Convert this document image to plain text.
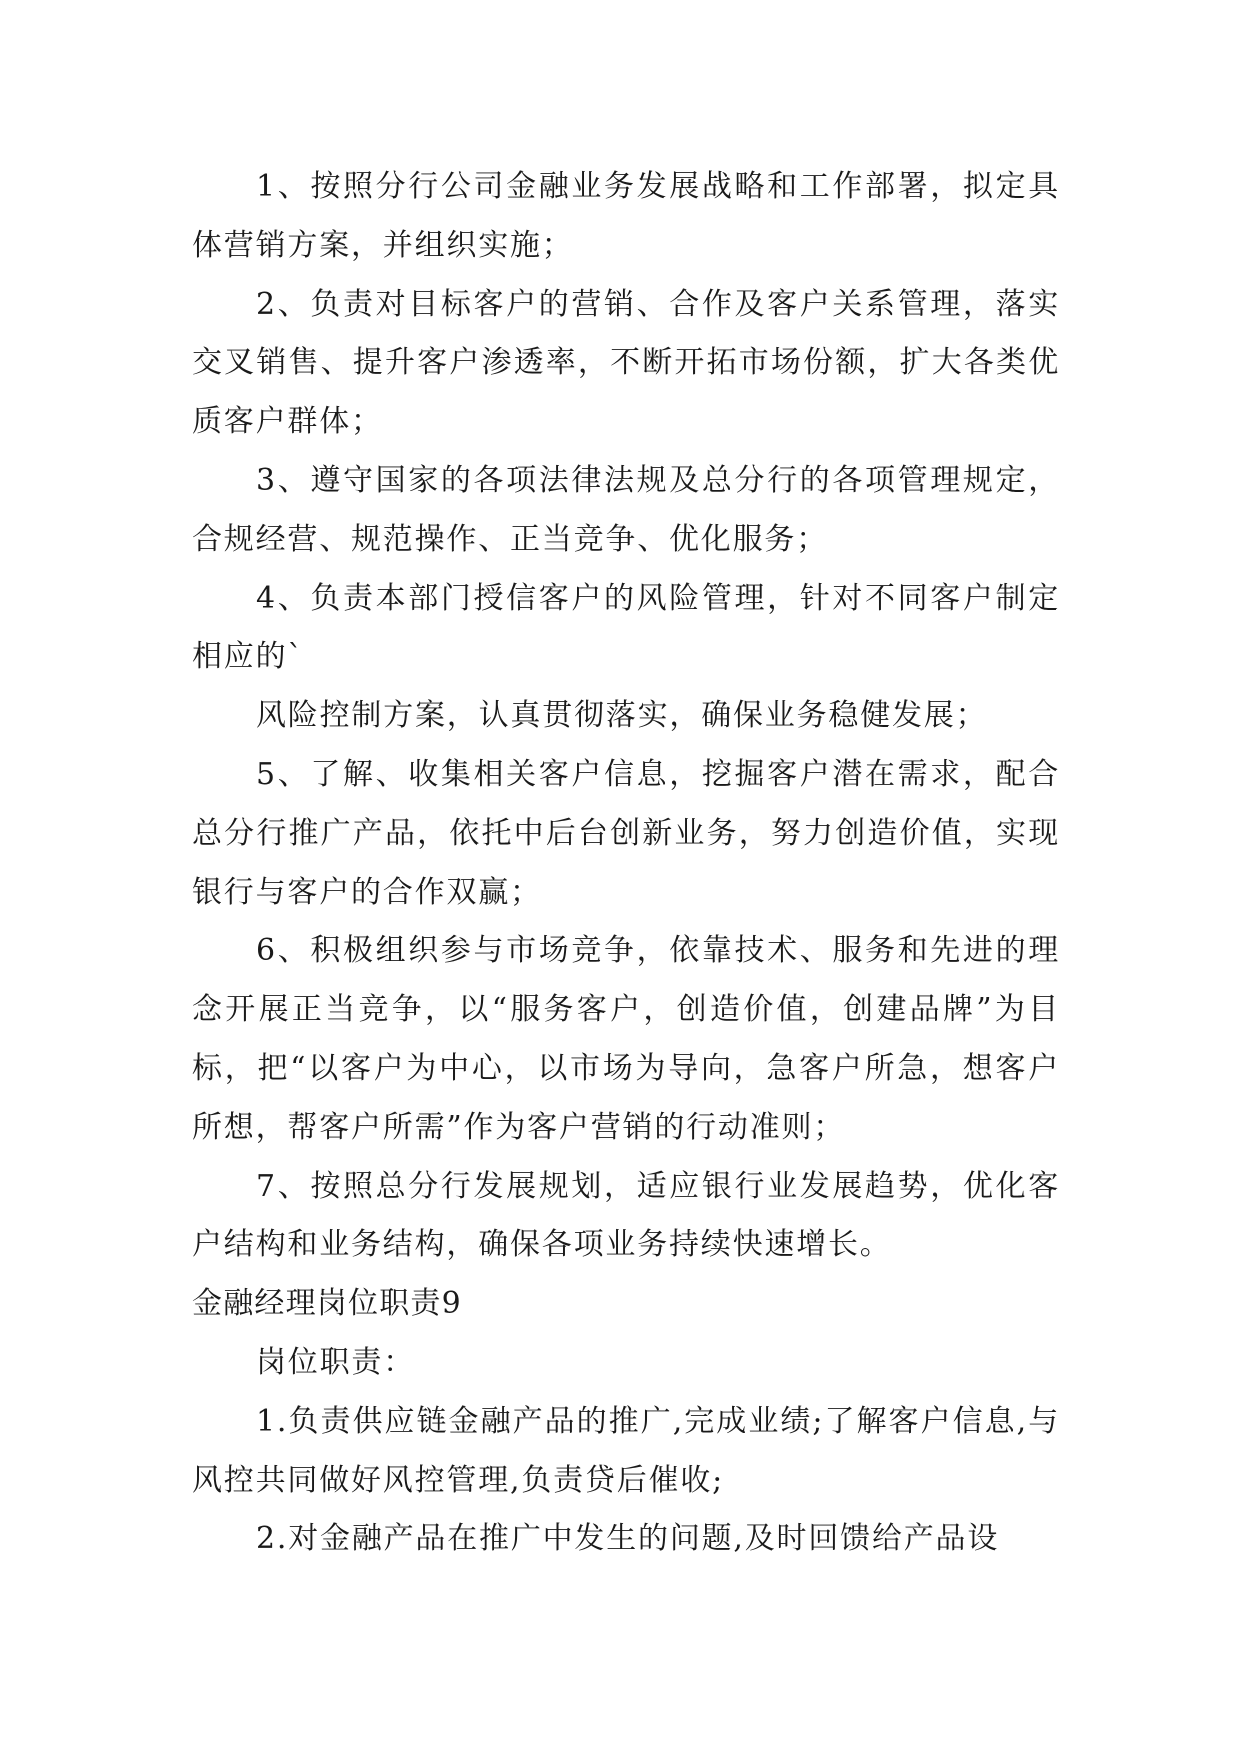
1、按照分行公司金融业务发展战略和工作部署，拟定具体营销方案，并组织实施；

2、负责对目标客户的营销、合作及客户关系管理，落实交叉销售、提升客户渗透率，不断开拓市场份额，扩大各类优质客户群体；

3、遵守国家的各项法律法规及总分行的各项管理规定，合规经营、规范操作、正当竞争、优化服务；

4、负责本部门授信客户的风险管理，针对不同客户制定相应的`

风险控制方案，认真贯彻落实，确保业务稳健发展；

5、了解、收集相关客户信息，挖掘客户潜在需求，配合总分行推广产品，依托中后台创新业务，努力创造价值，实现银行与客户的合作双赢；

6、积极组织参与市场竞争，依靠技术、服务和先进的理念开展正当竞争，以“服务客户，创造价值，创建品牌”为目标，把“以客户为中心，以市场为导向，急客户所急，想客户所想，帮客户所需”作为客户营销的行动准则；

7、按照总分行发展规划，适应银行业发展趋势，优化客户结构和业务结构，确保各项业务持续快速增长。

金融经理岗位职责9

岗位职责：

1.负责供应链金融产品的推广,完成业绩;了解客户信息,与风控共同做好风控管理,负责贷后催收;

2.对金融产品在推广中发生的问题,及时回馈给产品设
